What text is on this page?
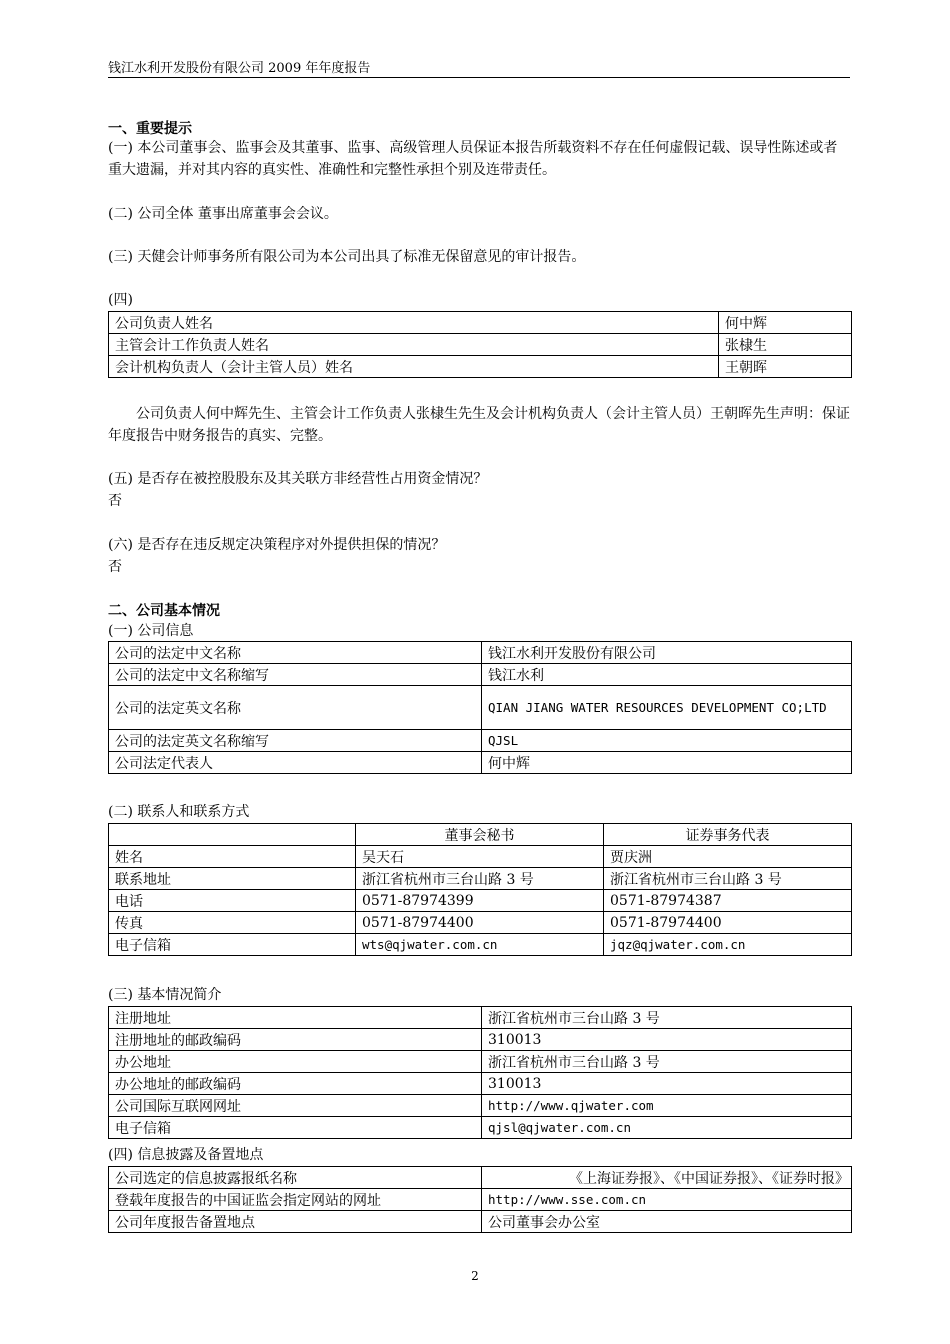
钱江水利开发股份有限公司 2009 年年度报告
一、重要提示
(一) 本公司董事会、监事会及其董事、监事、高级管理人员保证本报告所载资料不存在任何虚假记载、误导性陈述或者重大遗漏，并对其内容的真实性、准确性和完整性承担个别及连带责任。
(二) 公司全体 董事出席董事会会议。
(三) 天健会计师事务所有限公司为本公司出具了标准无保留意见的审计报告。
(四)
公司负责人姓名	何中辉
主管会计工作负责人姓名	张棣生
会计机构负责人（会计主管人员）姓名	王朝晖
公司负责人何中辉先生、主管会计工作负责人张棣生先生及会计机构负责人（会计主管人员）王朝晖先生声明：保证年度报告中财务报告的真实、完整。
(五) 是否存在被控股股东及其关联方非经营性占用资金情况？
否
(六) 是否存在违反规定决策程序对外提供担保的情况？
否
二、公司基本情况
(一) 公司信息
公司的法定中文名称	钱江水利开发股份有限公司
公司的法定中文名称缩写	钱江水利
公司的法定英文名称	QIAN JIANG WATER RESOURCES DEVELOPMENT CO;LTD
公司的法定英文名称缩写	QJSL
公司法定代表人	何中辉
(二) 联系人和联系方式
	董事会秘书	证券事务代表
姓名	吴天石	贾庆洲
联系地址	浙江省杭州市三台山路 3 号	浙江省杭州市三台山路 3 号
电话	0571-87974399	0571-87974387
传真	0571-87974400	0571-87974400
电子信箱	wts@qjwater.com.cn	jqz@qjwater.com.cn
(三) 基本情况简介
注册地址	浙江省杭州市三台山路 3 号
注册地址的邮政编码	310013
办公地址	浙江省杭州市三台山路 3 号
办公地址的邮政编码	310013
公司国际互联网网址	http://www.qjwater.com
电子信箱	qjsl@qjwater.com.cn
(四) 信息披露及备置地点
公司选定的信息披露报纸名称	《上海证券报》、《中国证券报》、《证券时报》
登载年度报告的中国证监会指定网站的网址	http://www.sse.com.cn
公司年度报告备置地点	公司董事会办公室
2
